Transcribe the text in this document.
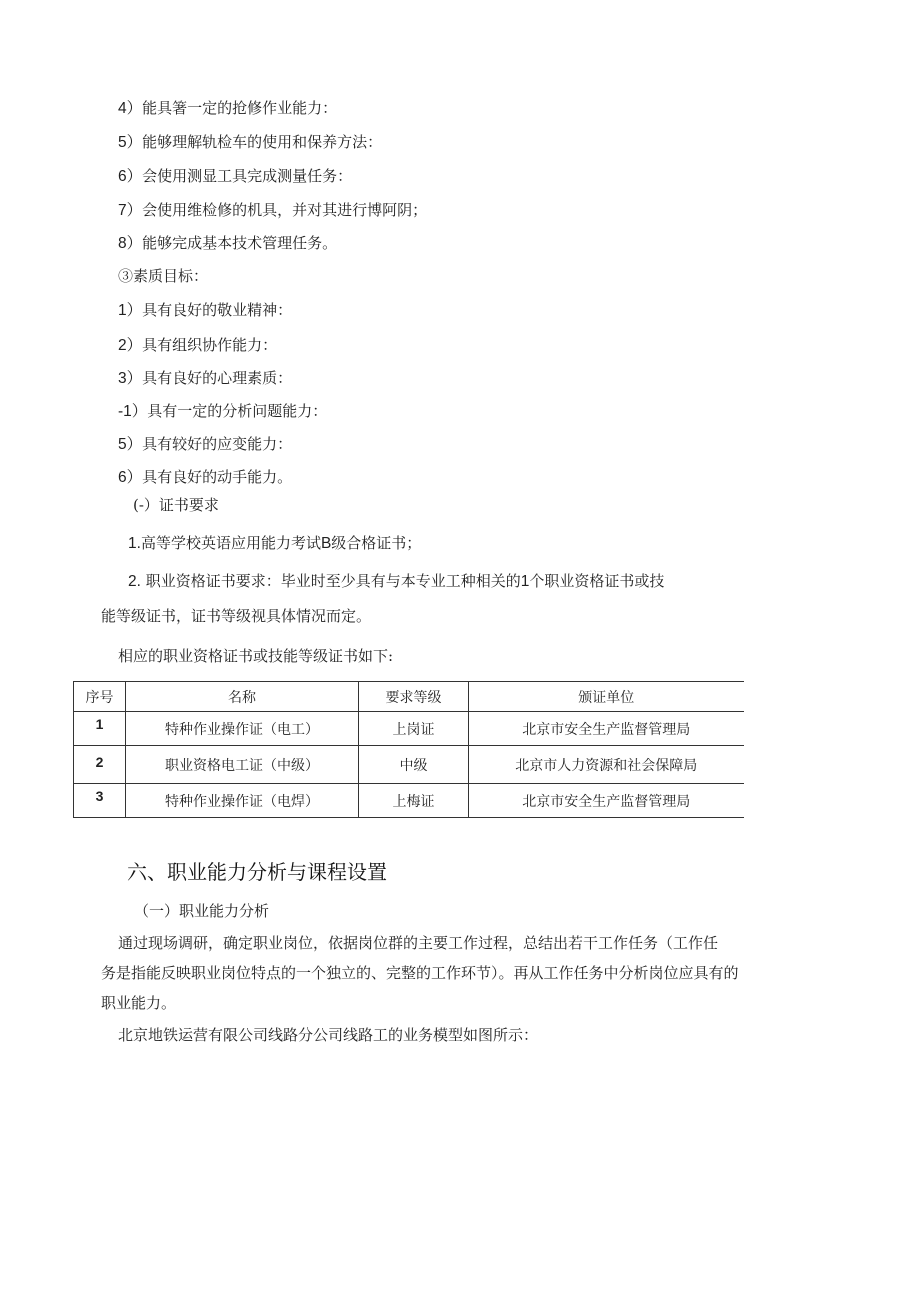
4）能具箸一定的抢修作业能力：
5）能够理解轨检车的使用和保养方法：
6）会使用测显工具完成测量任务：
7）会使用维检修的机具，并对其进行博阿阴；
8）能够完成基本技术管理任务。
③素质目标：
1）具有良好的敬业精神：
2）具有组织协作能力：
3）具有良好的心理素质：
-1）具有一定的分析问题能力：
5）具有较好的应变能力：
6）具有良好的动手能力。
(-）证书要求
1.高等学校英语应用能力考试B级合格证书；
2. 职业资格证书要求：毕业时至少具有与本专业工种相关的1个职业资格证书或技
能等级证书，证书等级视具体情况而定。
相应的职业资格证书或技能等级证书如下:
序号	名称	要求等级	颁证单位
1	特种作业操作证（电工）	上岗证	北京市安全生产监督管理局
2	职业资格电工证（中级）	中级	北京市人力资源和社会保障局
3	特种作业操作证（电焊）	上梅证	北京市安全生产监督管理局
六、职业能力分析与课程设置
（一）职业能力分析
通过现场调研，确定职业岗位，依据岗位群的主要工作过程，总结出若干工作任务（工作任
务是指能反映职业岗位特点的一个独立的、完整的工作环节）。再从工作任务中分析岗位应具有的
职业能力。
北京地铁运营有限公司线路分公司线路工的业务模型如图所示：
